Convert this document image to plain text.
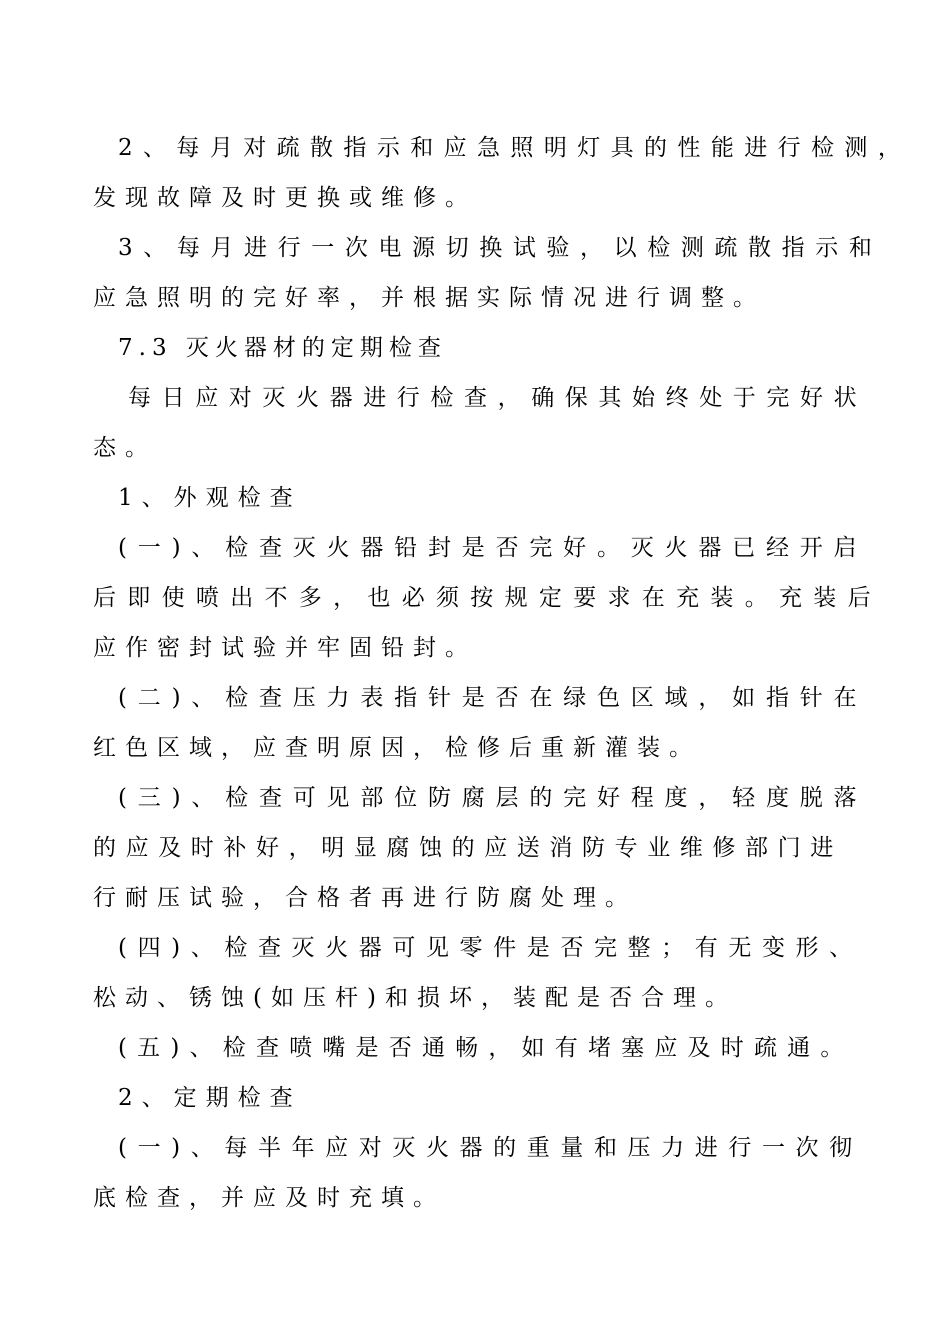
2、每月对疏散指示和应急照明灯具的性能进行检测，
发现故障及时更换或维修。
3、每月进行一次电源切换试验，以检测疏散指示和
应急照明的完好率，并根据实际情况进行调整。
7.3 灭火器材的定期检查
每日应对灭火器进行检查，确保其始终处于完好状
态。
1、外观检查
(一)、检查灭火器铅封是否完好。灭火器已经开启
后即使喷出不多，也必须按规定要求在充装。充装后
应作密封试验并牢固铅封。
(二)、检查压力表指针是否在绿色区域，如指针在
红色区域，应查明原因，检修后重新灌装。
(三)、检查可见部位防腐层的完好程度，轻度脱落
的应及时补好，明显腐蚀的应送消防专业维修部门进
行耐压试验，合格者再进行防腐处理。
(四)、检查灭火器可见零件是否完整；有无变形、
松动、锈蚀(如压杆)和损坏，装配是否合理。
(五)、检查喷嘴是否通畅，如有堵塞应及时疏通。
2、定期检查
(一)、每半年应对灭火器的重量和压力进行一次彻
底检查，并应及时充填。
